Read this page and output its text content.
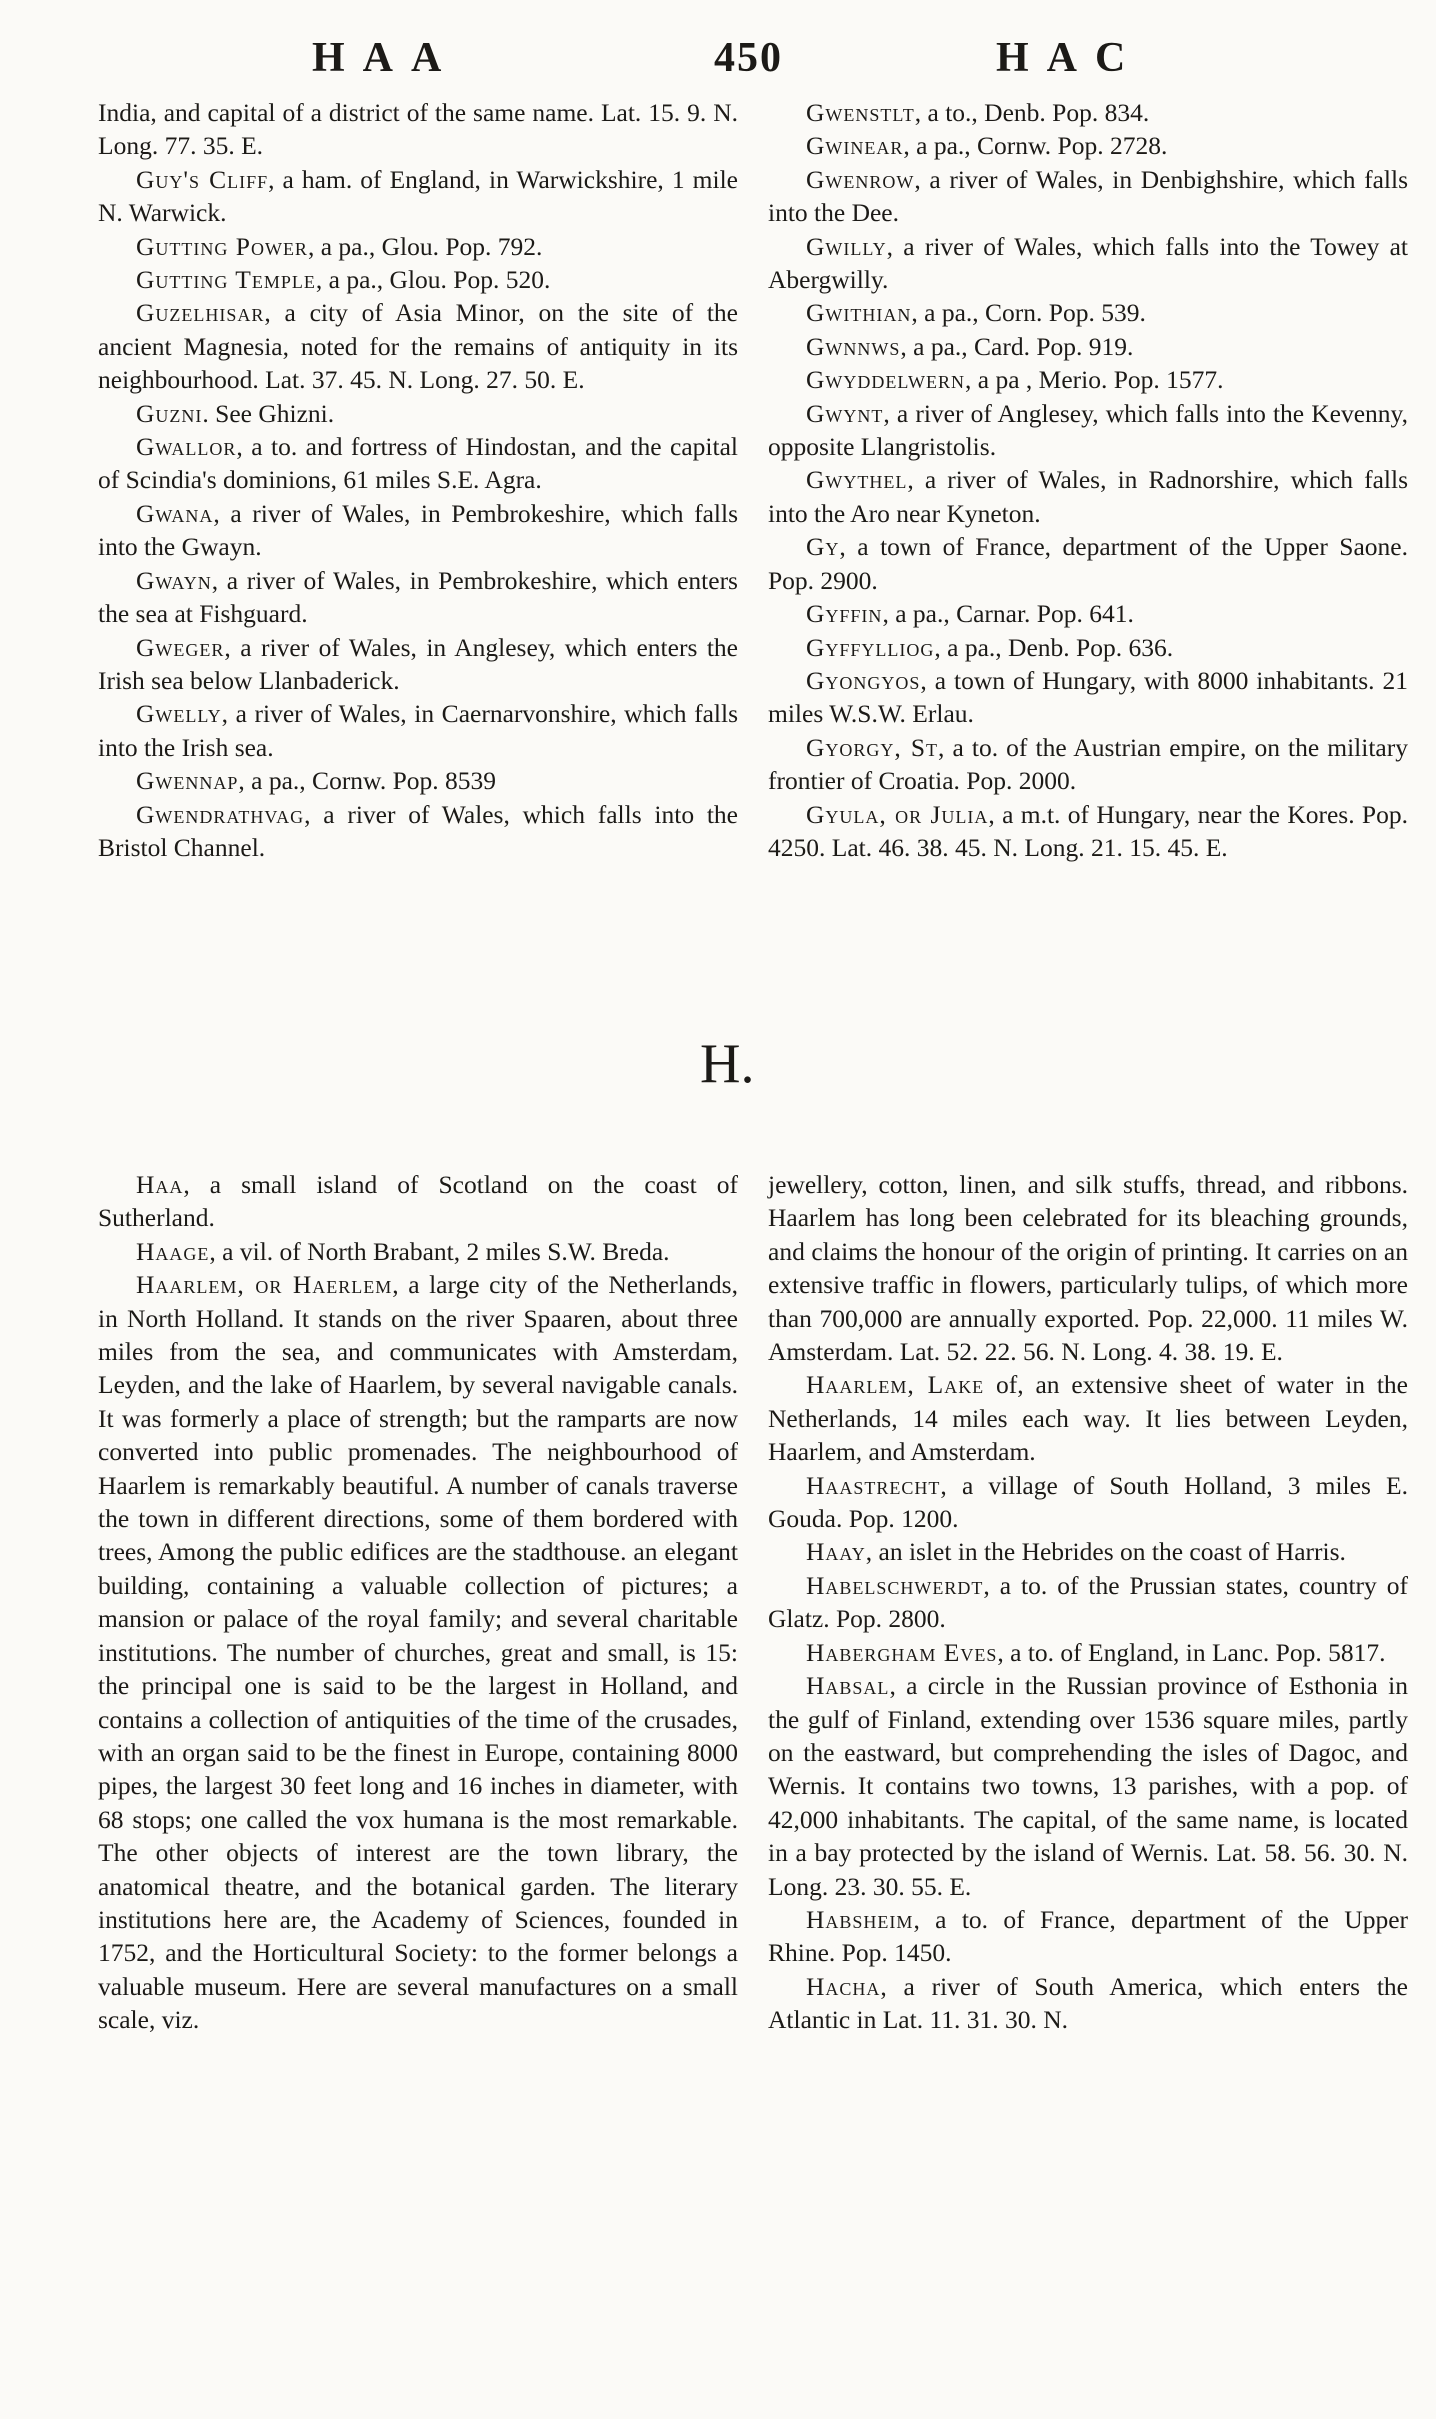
HAA	450	HAC

India, and capital of a district of the same name. Lat. 15. 9. N. Long. 77. 35. E.

Guy's Cliff, a ham. of England, in Warwickshire, 1 mile N. Warwick.

Gutting Power, a pa., Glou. Pop. 792.

Gutting Temple, a pa., Glou. Pop. 520.

Guzelhisar, a city of Asia Minor, on the site of the ancient Magnesia, noted for the remains of antiquity in its neighbourhood. Lat. 37. 45. N. Long. 27. 50. E.

Guzni. See Ghizni.

Gwallor, a to. and fortress of Hindostan, and the capital of Scindia's dominions, 61 miles S.E. Agra.

Gwana, a river of Wales, in Pembrokeshire, which falls into the Gwayn.

Gwayn, a river of Wales, in Pembrokeshire, which enters the sea at Fishguard.

Gweger, a river of Wales, in Anglesey, which enters the Irish sea below Llanbaderick.

Gwelly, a river of Wales, in Caernarvonshire, which falls into the Irish sea.

Gwennap, a pa., Cornw. Pop. 8539

Gwendrathvag, a river of Wales, which falls into the Bristol Channel.

Gwenstlt, a to., Denb. Pop. 834.

Gwinear, a pa., Cornw. Pop. 2728.

Gwenrow, a river of Wales, in Denbighshire, which falls into the Dee.

Gwilly, a river of Wales, which falls into the Towey at Abergwilly.

Gwithian, a pa., Corn. Pop. 539.

Gwnnws, a pa., Card. Pop. 919.

Gwyddelwern, a pa , Merio. Pop. 1577.

Gwynt, a river of Anglesey, which falls into the Kevenny, opposite Llangristolis.

Gwythel, a river of Wales, in Radnorshire, which falls into the Aro near Kyneton.

Gy, a town of France, department of the Upper Saone. Pop. 2900.

Gyffin, a pa., Carnar. Pop. 641.

Gyffylliog, a pa., Denb. Pop. 636.

Gyongyos, a town of Hungary, with 8000 inhabitants. 21 miles W.S.W. Erlau.

Gyorgy, St, a to. of the Austrian empire, on the military frontier of Croatia. Pop. 2000.

Gyula, or Julia, a m.t. of Hungary, near the Kores. Pop. 4250. Lat. 46. 38. 45. N. Long. 21. 15. 45. E.

H.

Haa, a small island of Scotland on the coast of Sutherland.

Haage, a vil. of North Brabant, 2 miles S.W. Breda.

Haarlem, or Haerlem, a large city of the Netherlands, in North Holland. It stands on the river Spaaren, about three miles from the sea, and communicates with Amsterdam, Leyden, and the lake of Haarlem, by several navigable canals. It was formerly a place of strength; but the ramparts are now converted into public promenades. The neighbourhood of Haarlem is remarkably beautiful. A number of canals traverse the town in different directions, some of them bordered with trees, Among the public edifices are the stadthouse. an elegant building, containing a valuable collection of pictures; a mansion or palace of the royal family; and several charitable institutions. The number of churches, great and small, is 15: the principal one is said to be the largest in Holland, and contains a collection of antiquities of the time of the crusades, with an organ said to be the finest in Europe, containing 8000 pipes, the largest 30 feet long and 16 inches in diameter, with 68 stops; one called the vox humana is the most remarkable. The other objects of interest are the town library, the anatomical theatre, and the botanical garden. The literary institutions here are, the Academy of Sciences, founded in 1752, and the Horticultural Society: to the former belongs a valuable museum. Here are several manufactures on a small scale, viz.

jewellery, cotton, linen, and silk stuffs, thread, and ribbons. Haarlem has long been celebrated for its bleaching grounds, and claims the honour of the origin of printing. It carries on an extensive traffic in flowers, particularly tulips, of which more than 700,000 are annually exported. Pop. 22,000. 11 miles W. Amsterdam. Lat. 52. 22. 56. N. Long. 4. 38. 19. E.

Haarlem, Lake of, an extensive sheet of water in the Netherlands, 14 miles each way. It lies between Leyden, Haarlem, and Amsterdam.

Haastrecht, a village of South Holland, 3 miles E. Gouda. Pop. 1200.

Haay, an islet in the Hebrides on the coast of Harris.

Habelschwerdt, a to. of the Prussian states, country of Glatz. Pop. 2800.

Habergham Eves, a to. of England, in Lanc. Pop. 5817.

Habsal, a circle in the Russian province of Esthonia in the gulf of Finland, extending over 1536 square miles, partly on the eastward, but comprehending the isles of Dagoc, and Wernis. It contains two towns, 13 parishes, with a pop. of 42,000 inhabitants. The capital, of the same name, is located in a bay protected by the island of Wernis. Lat. 58. 56. 30. N. Long. 23. 30. 55. E.

Habsheim, a to. of France, department of the Upper Rhine. Pop. 1450.

Hacha, a river of South America, which enters the Atlantic in Lat. 11. 31. 30. N.
